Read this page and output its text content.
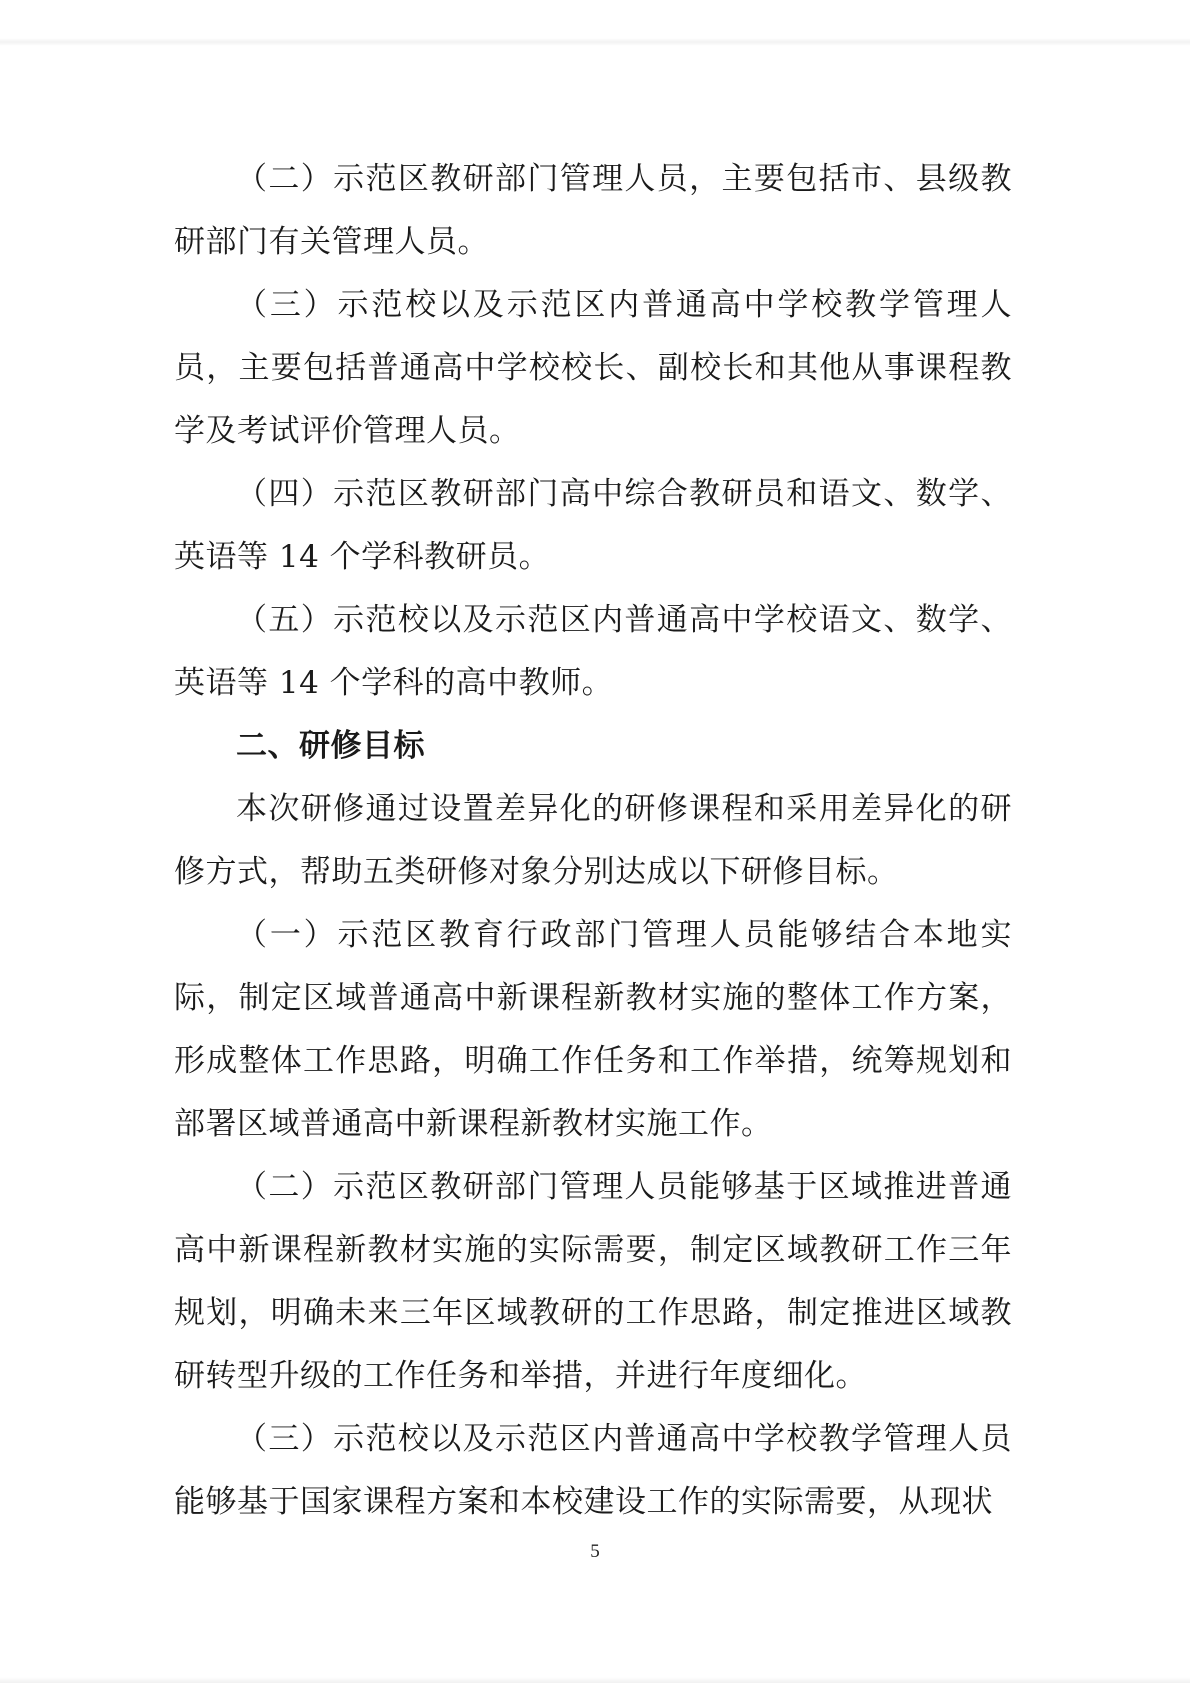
（二）示范区教研部门管理人员，主要包括市、县级教研部门有关管理人员。

（三）示范校以及示范区内普通高中学校教学管理人员，主要包括普通高中学校校长、副校长和其他从事课程教学及考试评价管理人员。

（四）示范区教研部门高中综合教研员和语文、数学、英语等 14 个学科教研员。

（五）示范校以及示范区内普通高中学校语文、数学、英语等 14 个学科的高中教师。

二、研修目标

本次研修通过设置差异化的研修课程和采用差异化的研修方式，帮助五类研修对象分别达成以下研修目标。

（一）示范区教育行政部门管理人员能够结合本地实际，制定区域普通高中新课程新教材实施的整体工作方案，形成整体工作思路，明确工作任务和工作举措，统筹规划和部署区域普通高中新课程新教材实施工作。

（二）示范区教研部门管理人员能够基于区域推进普通高中新课程新教材实施的实际需要，制定区域教研工作三年规划，明确未来三年区域教研的工作思路，制定推进区域教研转型升级的工作任务和举措，并进行年度细化。

（三）示范校以及示范区内普通高中学校教学管理人员能够基于国家课程方案和本校建设工作的实际需要，从现状

5
